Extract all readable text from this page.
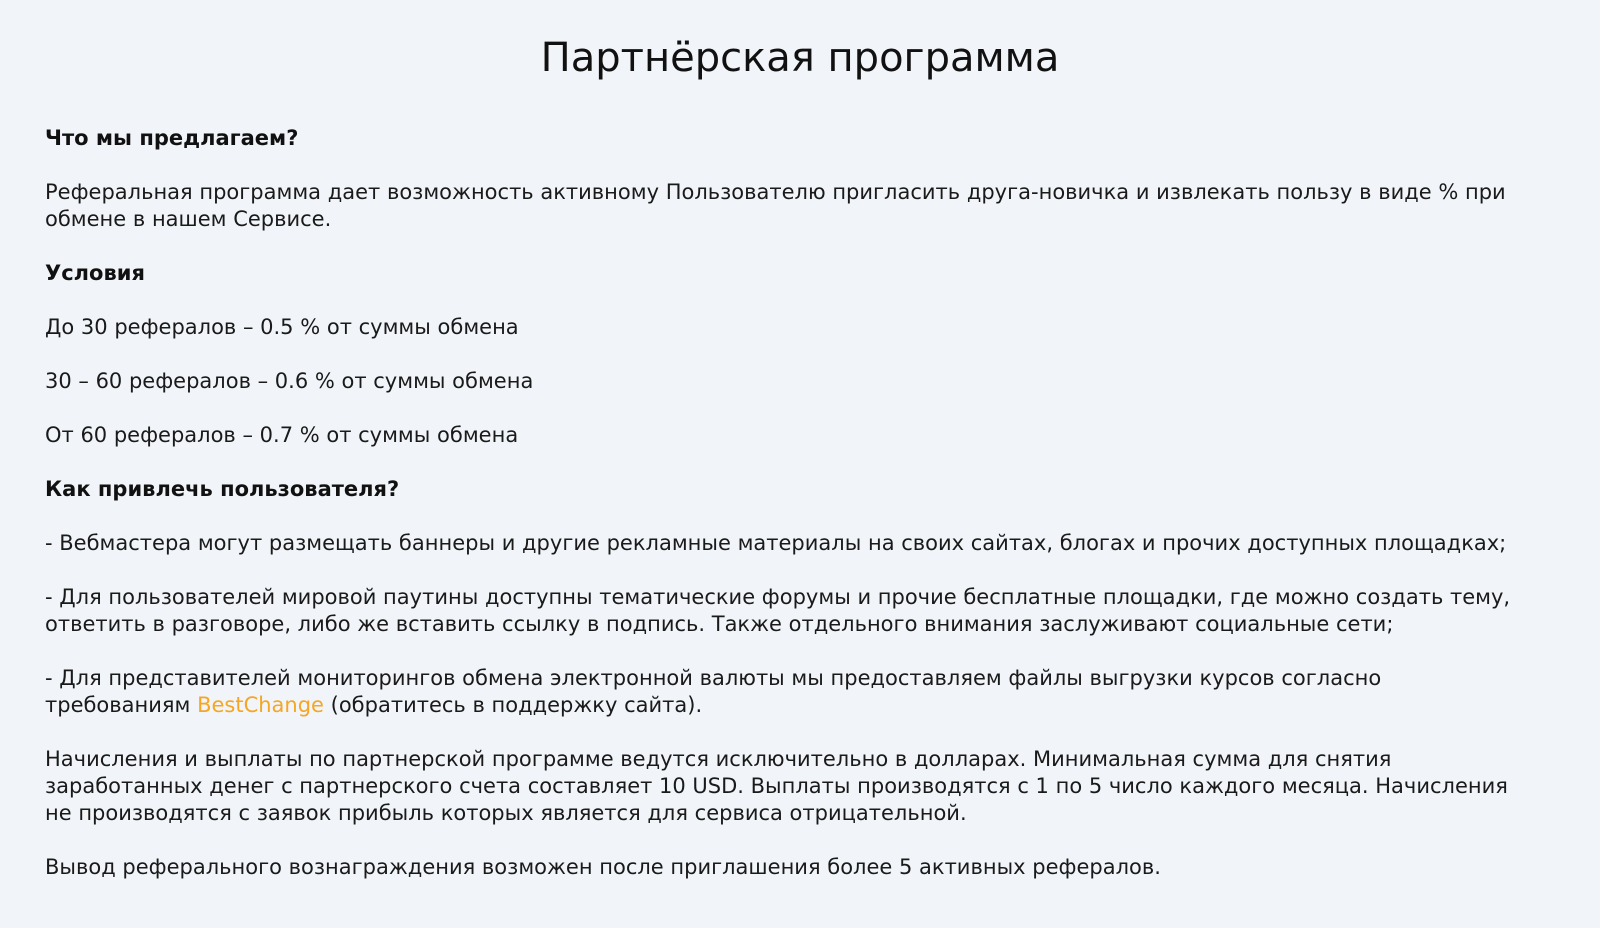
Партнёрская программа

Что мы предлагаем?

Реферальная программа дает возможность активному Пользователю пригласить друга-новичка и извлекать пользу в виде % при обмене в нашем Сервисе.

Условия

До 30 рефералов – 0.5 % от суммы обмена

30 – 60 рефералов – 0.6 % от суммы обмена

От 60 рефералов – 0.7 % от суммы обмена

Как привлечь пользователя?

- Вебмастера могут размещать баннеры и другие рекламные материалы на своих сайтах, блогах и прочих доступных площадках;

- Для пользователей мировой паутины доступны тематические форумы и прочие бесплатные площадки, где можно создать тему, ответить в разговоре, либо же вставить ссылку в подпись. Также отдельного внимания заслуживают социальные сети;

- Для представителей мониторингов обмена электронной валюты мы предоставляем файлы выгрузки курсов согласно требованиям BestChange (обратитесь в поддержку сайта).

Начисления и выплаты по партнерской программе ведутся исключительно в долларах. Минимальная сумма для снятия заработанных денег с партнерского счета составляет 10 USD. Выплаты производятся с 1 по 5 число каждого месяца. Начисления не производятся с заявок прибыль которых является для сервиса отрицательной.

Вывод реферального вознаграждения возможен после приглашения более 5 активных рефералов.
